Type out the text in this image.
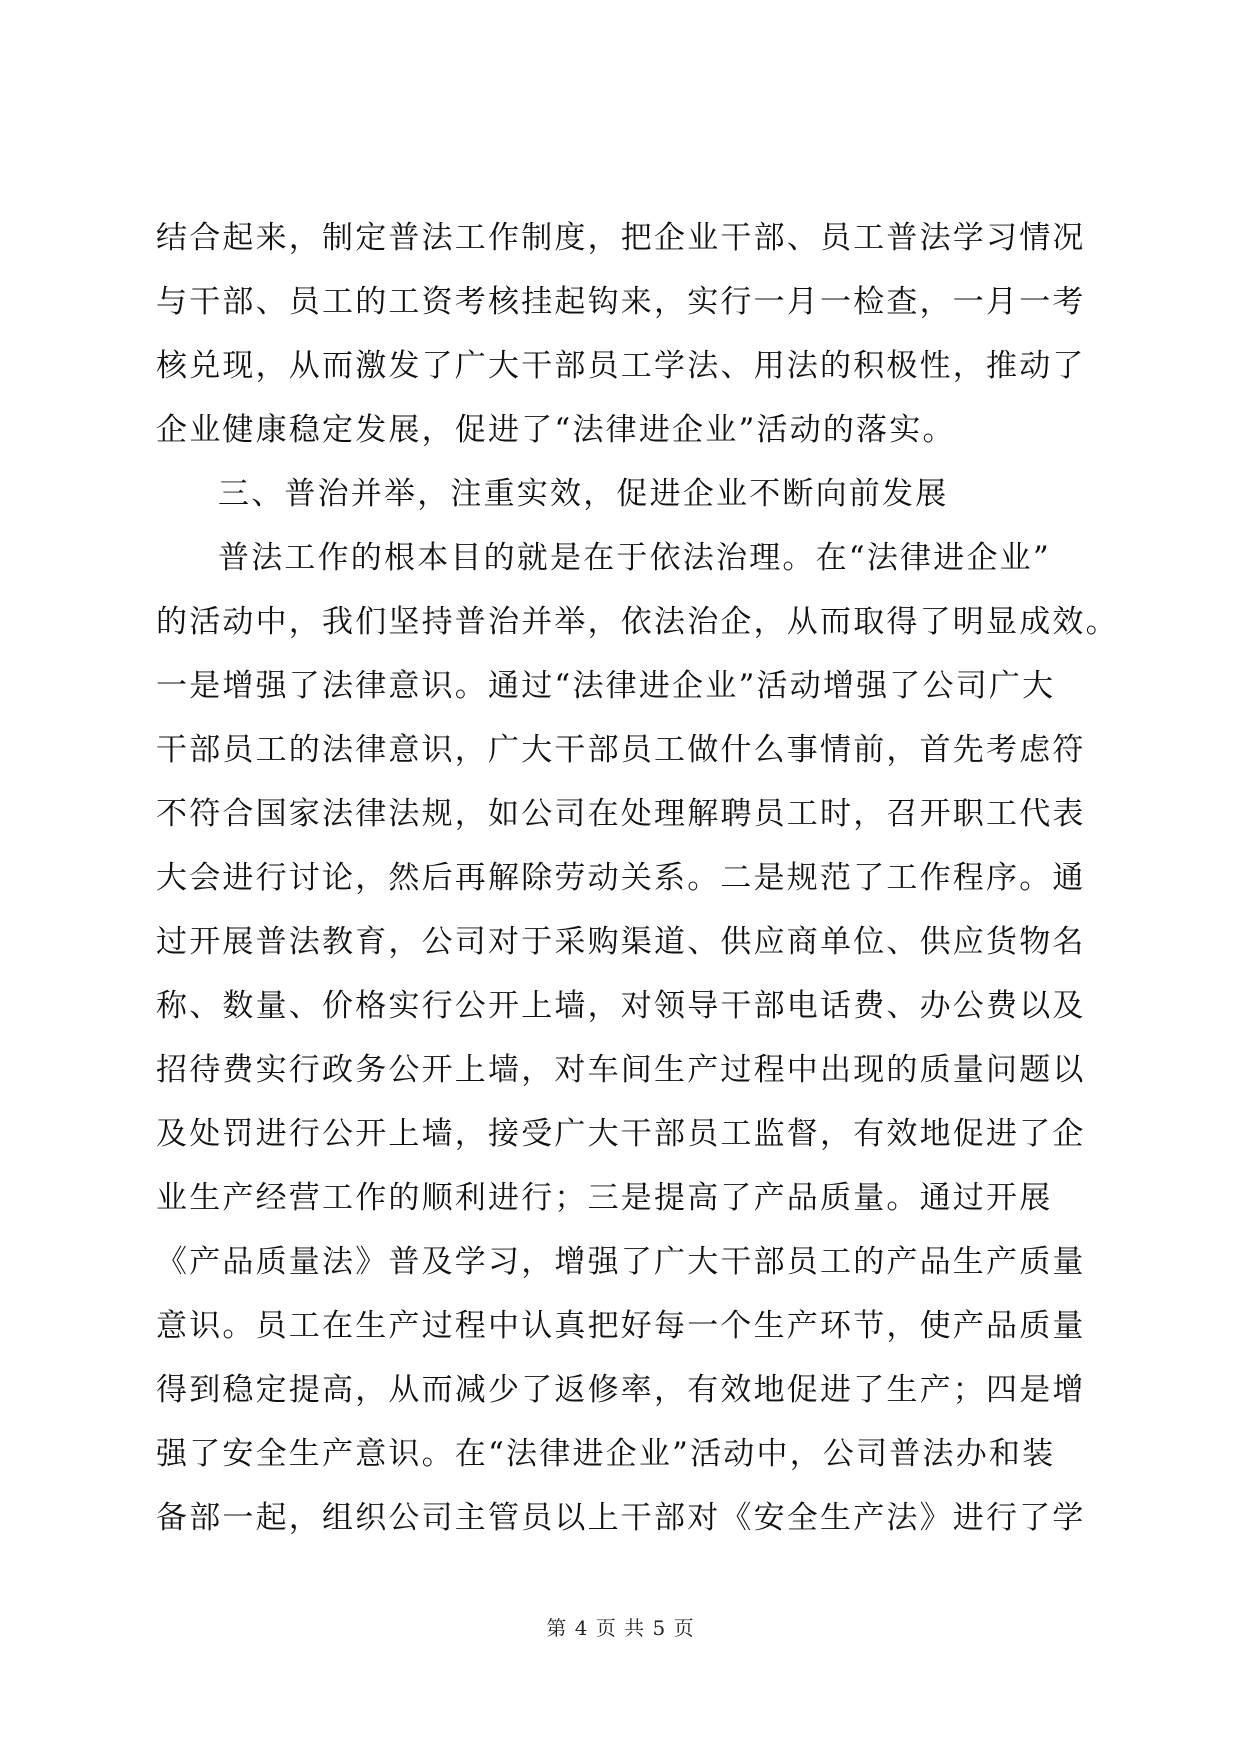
结合起来，制定普法工作制度，把企业干部、员工普法学习情况
与干部、员工的工资考核挂起钩来，实行一月一检查，一月一考
核兑现，从而激发了广大干部员工学法、用法的积极性，推动了
企业健康稳定发展，促进了“法律进企业”活动的落实。
三、普治并举，注重实效，促进企业不断向前发展
普法工作的根本目的就是在于依法治理。在“法律进企业”
的活动中，我们坚持普治并举，依法治企，从而取得了明显成效。
一是增强了法律意识。通过“法律进企业”活动增强了公司广大
干部员工的法律意识，广大干部员工做什么事情前，首先考虑符
不符合国家法律法规，如公司在处理解聘员工时，召开职工代表
大会进行讨论，然后再解除劳动关系。二是规范了工作程序。通
过开展普法教育，公司对于采购渠道、供应商单位、供应货物名
称、数量、价格实行公开上墙，对领导干部电话费、办公费以及
招待费实行政务公开上墙，对车间生产过程中出现的质量问题以
及处罚进行公开上墙，接受广大干部员工监督，有效地促进了企
业生产经营工作的顺利进行；三是提高了产品质量。通过开展
《产品质量法》普及学习，增强了广大干部员工的产品生产质量
意识。员工在生产过程中认真把好每一个生产环节，使产品质量
得到稳定提高，从而减少了返修率，有效地促进了生产；四是增
强了安全生产意识。在“法律进企业”活动中，公司普法办和装
备部一起，组织公司主管员以上干部对《安全生产法》进行了学
第 4 页 共 5 页
